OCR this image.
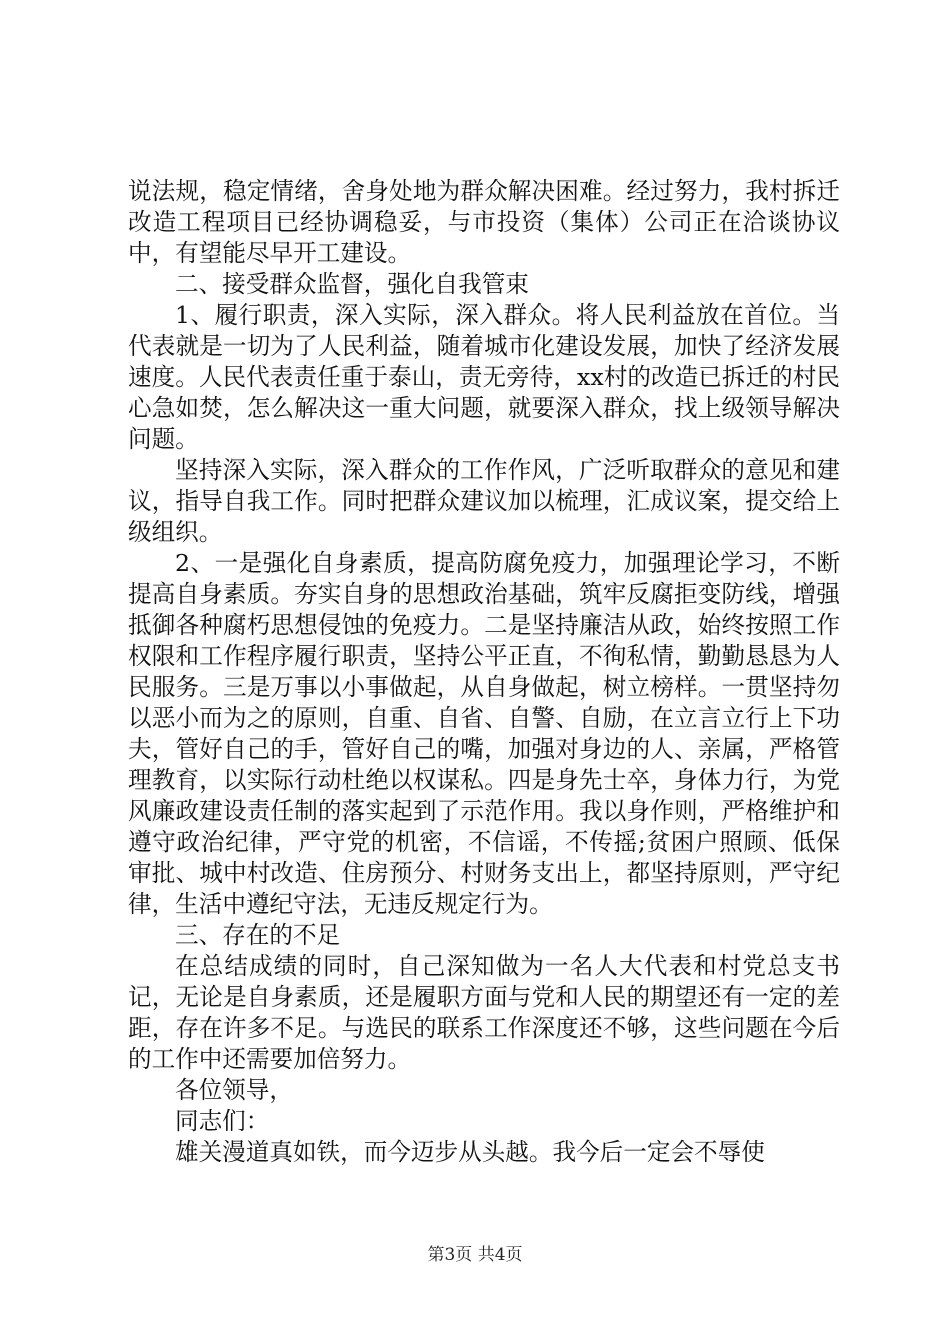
说法规，稳定情绪，舍身处地为群众解决困难。经过努力，我村拆迁改造工程项目已经协调稳妥，与市投资（集体）公司正在洽谈协议中，有望能尽早开工建设。

二、接受群众监督，强化自我管束

1、履行职责，深入实际，深入群众。将人民利益放在首位。当代表就是一切为了人民利益，随着城市化建设发展，加快了经济发展速度。人民代表责任重于泰山，责无旁待，xx村的改造已拆迁的村民心急如焚，怎么解决这一重大问题，就要深入群众，找上级领导解决问题。

坚持深入实际，深入群众的工作作风，广泛听取群众的意见和建议，指导自我工作。同时把群众建议加以梳理，汇成议案，提交给上级组织。

2、一是强化自身素质，提高防腐免疫力，加强理论学习，不断提高自身素质。夯实自身的思想政治基础，筑牢反腐拒变防线，增强抵御各种腐朽思想侵蚀的免疫力。二是坚持廉洁从政，始终按照工作权限和工作程序履行职责，坚持公平正直，不徇私情，勤勤恳恳为人民服务。三是万事以小事做起，从自身做起，树立榜样。一贯坚持勿以恶小而为之的原则，自重、自省、自警、自励，在立言立行上下功夫，管好自己的手，管好自己的嘴，加强对身边的人、亲属，严格管理教育，以实际行动杜绝以权谋私。四是身先士卒，身体力行，为党风廉政建设责任制的落实起到了示范作用。我以身作则，严格维护和遵守政治纪律，严守党的机密，不信谣，不传摇;贫困户照顾、低保审批、城中村改造、住房预分、村财务支出上，都坚持原则，严守纪律，生活中遵纪守法，无违反规定行为。

三、存在的不足

在总结成绩的同时，自己深知做为一名人大代表和村党总支书记，无论是自身素质，还是履职方面与党和人民的期望还有一定的差距，存在许多不足。与选民的联系工作深度还不够，这些问题在今后的工作中还需要加倍努力。

各位领导，

同志们：

雄关漫道真如铁，而今迈步从头越。我今后一定会不辱使

第3页 共4页
